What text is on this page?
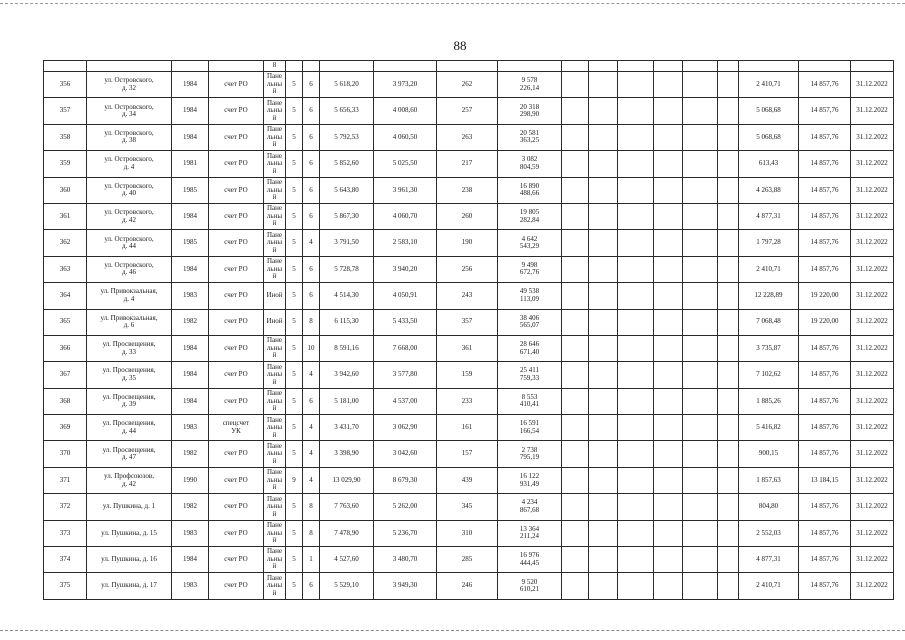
88
				8															
356	ул. Островского,
д. 32	1984	счет РО	Пане
льны
й	5	6	5 618,20	3 973,20	262	9 578
226,14							2 410,71	14 857,76	31.12.2022
357	ул. Островского,
д. 34	1984	счет РО	Пане
льны
й	5	6	5 656,33	4 008,60	257	20 318
298,90							5 068,68	14 857,76	31.12.2022
358	ул. Островского,
д. 38	1984	счет РО	Пане
льны
й	5	6	5 792,53	4 060,50	263	20 581
363,25							5 068,68	14 857,76	31.12.2022
359	ул. Островского,
д. 4	1981	счет РО	Пане
льны
й	5	6	5 852,60	5 025,50	217	3 082
804,59							613,43	14 857,76	31.12.2022
360	ул. Островского,
д. 40	1985	счет РО	Пане
льны
й	5	6	5 643,80	3 961,30	238	16 890
488,66							4 263,88	14 857,76	31.12.2022
361	ул. Островского,
д. 42	1984	счет РО	Пане
льны
й	5	6	5 867,30	4 060,70	260	19 805
282,84							4 877,31	14 857,76	31.12.2022
362	ул. Островского,
д. 44	1985	счет РО	Пане
льны
й	5	4	3 791,50	2 583,10	190	4 642
543,29							1 797,28	14 857,76	31.12.2022
363	ул. Островского,
д. 46	1984	счет РО	Пане
льны
й	5	6	5 728,78	3 940,20	256	9 498
672,76							2 410,71	14 857,76	31.12.2022
364	ул. Привокзальная,
д. 4	1983	счет РО	Иной	5	6	4 514,30	4 050,91	243	49 538
113,09							12 228,89	19 220,00	31.12.2022
365	ул. Привокзальная,
д. 6	1982	счет РО	Иной	5	8	6 115,30	5 433,50	357	38 406
565,07							7 068,48	19 220,00	31.12.2022
366	ул. Просвещения,
д. 33	1984	счет РО	Пане
льны
й	5	10	8 591,16	7 668,00	361	28 646
671,40							3 735,87	14 857,76	31.12.2022
367	ул. Просвещения,
д. 35	1984	счет РО	Пане
льны
й	5	4	3 942,60	3 577,80	159	25 411
759,33							7 102,62	14 857,76	31.12.2022
368	ул. Просвещения,
д. 39	1984	счет РО	Пане
льны
й	5	6	5 181,00	4 537,00	233	8 553
410,41							1 885,26	14 857,76	31.12.2022
369	ул. Просвещения,
д. 44	1983	спецсчет
УК	Пане
льны
й	5	4	3 431,70	3 062,90	161	16 591
166,54							5 416,82	14 857,76	31.12.2022
370	ул. Просвещения,
д. 47	1982	счет РО	Пане
льны
й	5	4	3 398,90	3 042,60	157	2 738
795,19							900,15	14 857,76	31.12.2022
371	ул. Профсоюзов,
д. 42	1990	счет РО	Пане
льны
й	9	4	13 029,90	8 679,30	439	16 122
931,49							1 857,63	13 184,15	31.12.2022
372	ул. Пушкина, д. 1	1982	счет РО	Пане
льны
й	5	8	7 763,60	5 262,00	345	4 234
867,68							804,80	14 857,76	31.12.2022
373	ул. Пушкина, д. 15	1983	счет РО	Пане
льны
й	5	8	7 478,90	5 236,70	310	13 364
211,24							2 552,03	14 857,76	31.12.2022
374	ул. Пушкина, д. 16	1984	счет РО	Пане
льны
й	5	1	4 527,60	3 480,70	285	16 976
444,45							4 877,31	14 857,76	31.12.2022
375	ул. Пушкина, д. 17	1983	счет РО	Пане
льны
й	5	6	5 529,10	3 949,30	246	9 520
610,21							2 410,71	14 857,76	31.12.2022
